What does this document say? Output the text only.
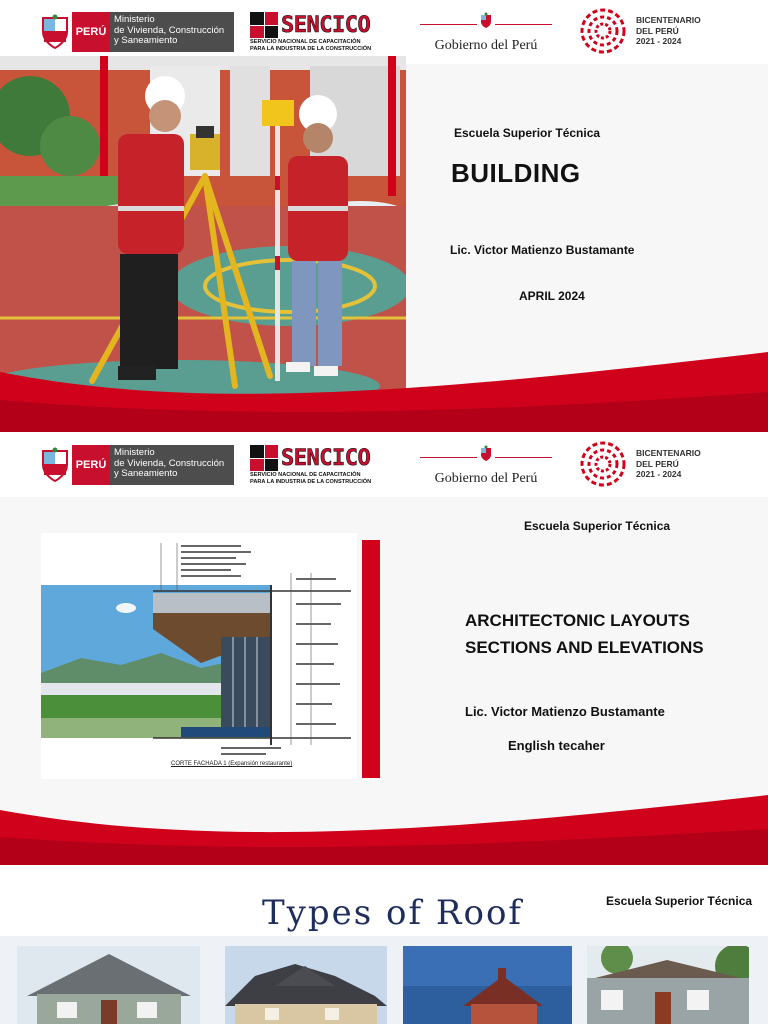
PERÚ
Ministerio
de Vivienda, Construcción
y Saneamiento
SENCICO
SERVICIO NACIONAL DE CAPACITACIÓN
PARA LA INDUSTRIA DE LA CONSTRUCCIÓN	Gobierno del Perú
BICENTENARIO
DEL PERÚ
2021 - 2024
Escuela Superior Técnica
BUILDING
Lic. Victor Matienzo Bustamante
APRIL 2024
PERÚ
Ministerio
de Vivienda, Construcción
y Saneamiento
SENCICO
SERVICIO NACIONAL DE CAPACITACIÓN
PARA LA INDUSTRIA DE LA CONSTRUCCIÓN	Gobierno del Perú
BICENTENARIO
DEL PERÚ
2021 - 2024
CORTE FACHADA 1 (Expansión restaurante)
Escuela Superior Técnica
ARCHITECTONIC LAYOUTS
SECTIONS AND ELEVATIONS
Lic. Victor Matienzo Bustamante
English tecaher
Types of Roof	Escuela Superior Técnica
